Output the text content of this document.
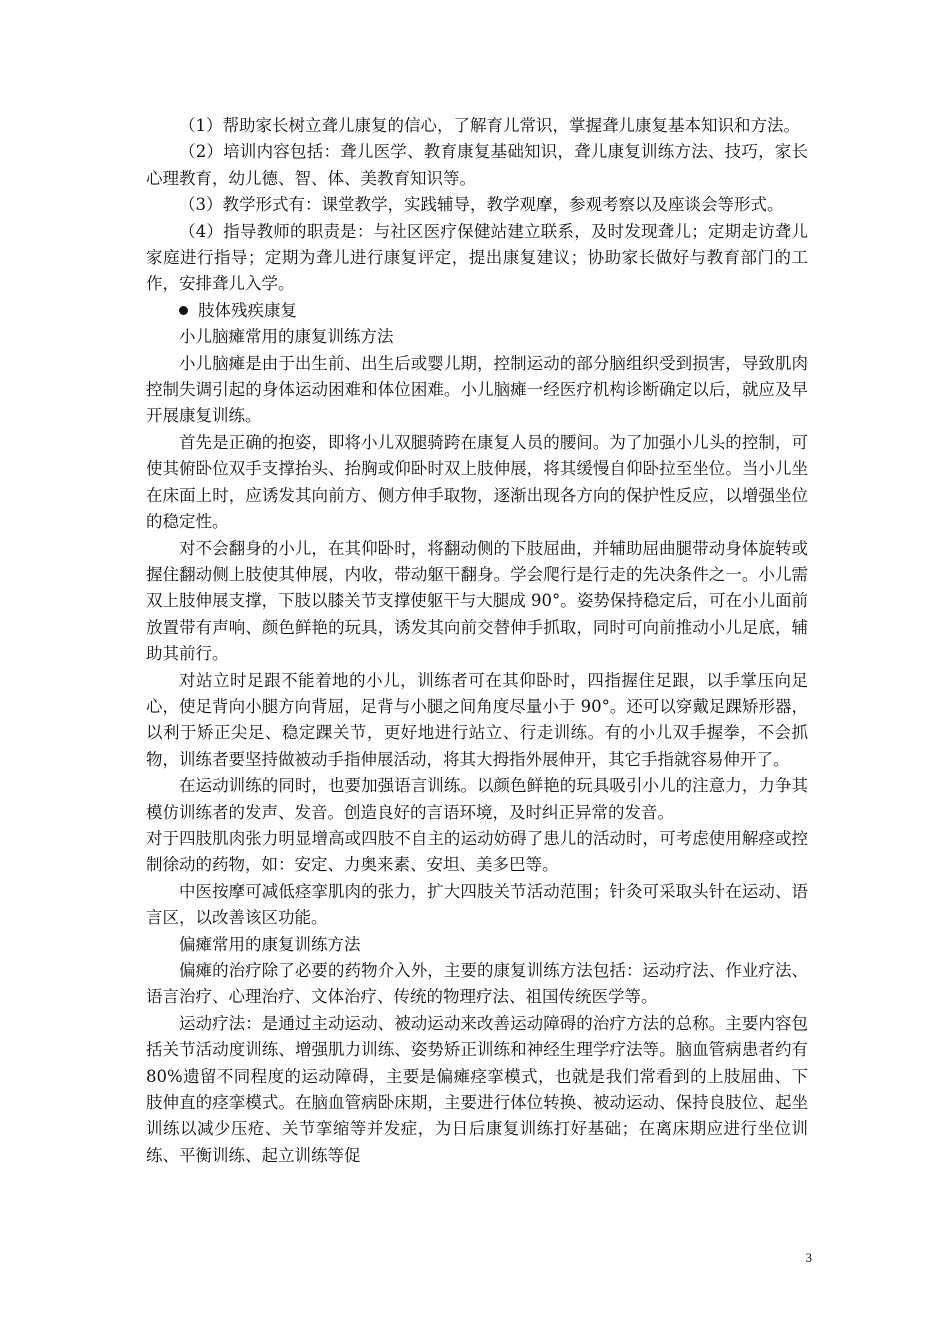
（1）帮助家长树立聋儿康复的信心，了解育儿常识，掌握聋儿康复基本知识和方法。

（2）培训内容包括：聋儿医学、教育康复基础知识，聋儿康复训练方法、技巧，家长心理教育，幼儿德、智、体、美教育知识等。

（3）教学形式有：课堂教学，实践辅导，教学观摩，参观考察以及座谈会等形式。

（4）指导教师的职责是：与社区医疗保健站建立联系，及时发现聋儿；定期走访聋儿家庭进行指导；定期为聋儿进行康复评定，提出康复建议；协助家长做好与教育部门的工作，安排聋儿入学。

肢体残疾康复

小儿脑瘫常用的康复训练方法

小儿脑瘫是由于出生前、出生后或婴儿期，控制运动的部分脑组织受到损害，导致肌肉控制失调引起的身体运动困难和体位困难。小儿脑瘫一经医疗机构诊断确定以后，就应及早开展康复训练。

首先是正确的抱姿，即将小儿双腿骑跨在康复人员的腰间。为了加强小儿头的控制，可使其俯卧位双手支撑抬头、抬胸或仰卧时双上肢伸展，将其缓慢自仰卧拉至坐位。当小儿坐在床面上时，应诱发其向前方、侧方伸手取物，逐渐出现各方向的保护性反应，以增强坐位的稳定性。

对不会翻身的小儿，在其仰卧时，将翻动侧的下肢屈曲，并辅助屈曲腿带动身体旋转或握住翻动侧上肢使其伸展，内收，带动躯干翻身。学会爬行是行走的先决条件之一。小儿需双上肢伸展支撑，下肢以膝关节支撑使躯干与大腿成 90°。姿势保持稳定后，可在小儿面前放置带有声响、颜色鲜艳的玩具，诱发其向前交替伸手抓取，同时可向前推动小儿足底，辅助其前行。

对站立时足跟不能着地的小儿，训练者可在其仰卧时，四指握住足跟，以手掌压向足心，使足背向小腿方向背屈，足背与小腿之间角度尽量小于 90°。还可以穿戴足踝矫形器，以利于矫正尖足、稳定踝关节，更好地进行站立、行走训练。有的小儿双手握拳，不会抓物，训练者要坚持做被动手指伸展活动，将其大拇指外展伸开，其它手指就容易伸开了。

在运动训练的同时，也要加强语言训练。以颜色鲜艳的玩具吸引小儿的注意力，力争其模仿训练者的发声、发音。创造良好的言语环境，及时纠正异常的发音。

对于四肢肌肉张力明显增高或四肢不自主的运动妨碍了患儿的活动时，可考虑使用解痉或控制徐动的药物，如：安定、力奥来素、安坦、美多巴等。

中医按摩可减低痉挛肌肉的张力，扩大四肢关节活动范围；针灸可采取头针在运动、语言区，以改善该区功能。

偏瘫常用的康复训练方法

偏瘫的治疗除了必要的药物介入外，主要的康复训练方法包括：运动疗法、作业疗法、语言治疗、心理治疗、文体治疗、传统的物理疗法、祖国传统医学等。

运动疗法：是通过主动运动、被动运动来改善运动障碍的治疗方法的总称。主要内容包括关节活动度训练、增强肌力训练、姿势矫正训练和神经生理学疗法等。脑血管病患者约有 80%遗留不同程度的运动障碍，主要是偏瘫痉挛模式，也就是我们常看到的上肢屈曲、下肢伸直的痉挛模式。在脑血管病卧床期，主要进行体位转换、被动运动、保持良肢位、起坐训练以减少压疮、关节挛缩等并发症，为日后康复训练打好基础；在离床期应进行坐位训练、平衡训练、起立训练等促

3
